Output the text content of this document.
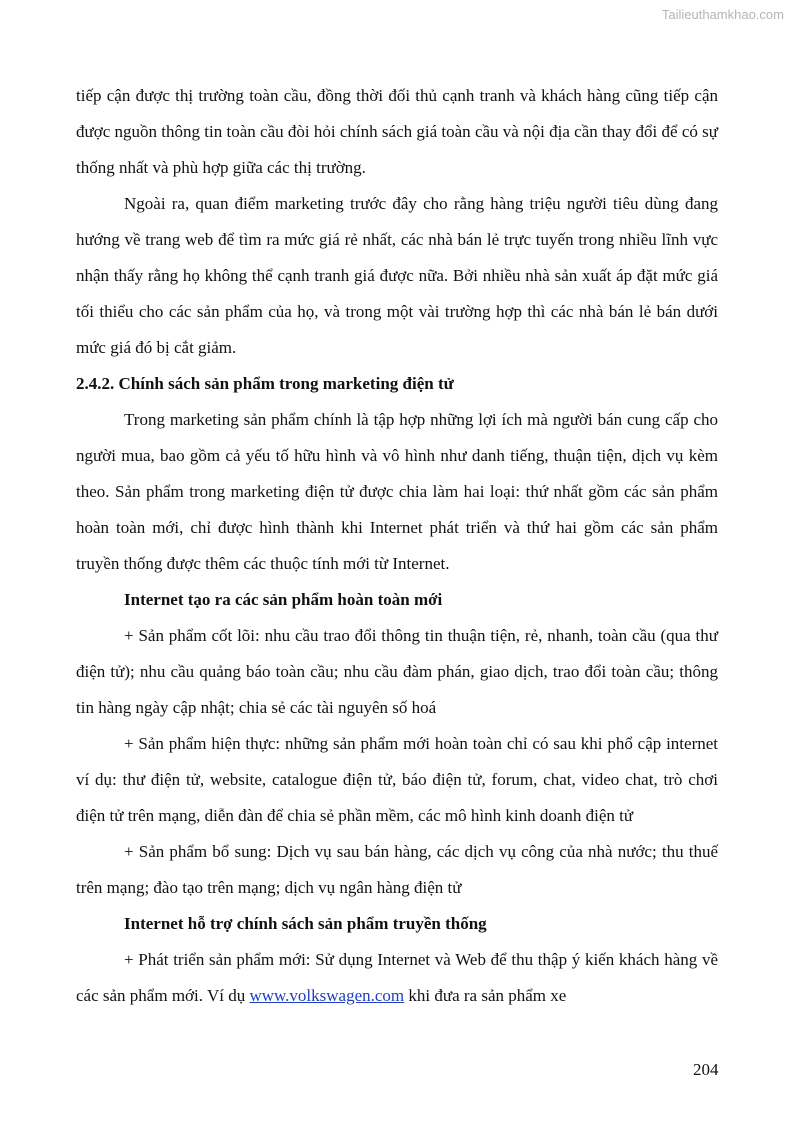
Tailieuthamkhao.com

tiếp cận được thị trường toàn cầu, đồng thời đối thủ cạnh tranh và khách hàng cũng tiếp cận được nguồn thông tin toàn cầu đòi hỏi chính sách giá toàn cầu và nội địa cần thay đổi để có sự thống nhất và phù hợp giữa các thị trường.

Ngoài ra, quan điểm marketing trước đây cho rằng hàng triệu người tiêu dùng đang hướng về trang web để tìm ra mức giá rẻ nhất, các nhà bán lẻ trực tuyến trong nhiều lĩnh vực nhận thấy rằng họ không thể cạnh tranh giá được nữa. Bởi nhiều nhà sản xuất áp đặt mức giá tối thiểu cho các sản phẩm của họ, và trong một vài trường hợp thì các nhà bán lẻ bán dưới mức giá đó bị cắt giảm.

2.4.2. Chính sách sản phẩm trong marketing điện tử

Trong marketing sản phẩm chính là tập hợp những lợi ích mà người bán cung cấp cho người mua, bao gồm cả yếu tố hữu hình và vô hình như danh tiếng, thuận tiện, dịch vụ kèm theo. Sản phẩm trong marketing điện tử được chia làm hai loại: thứ nhất gồm các sản phẩm hoàn toàn mới, chỉ được hình thành khi Internet phát triển và thứ hai gồm các sản phẩm truyền thống được thêm các thuộc tính mới từ Internet.

Internet tạo ra các sản phẩm hoàn toàn mới

+ Sản phẩm cốt lõi: nhu cầu trao đổi thông tin thuận tiện, rẻ, nhanh, toàn cầu (qua thư điện tử); nhu cầu quảng báo toàn cầu; nhu cầu đàm phán, giao dịch, trao đổi toàn cầu; thông tin hàng ngày cập nhật; chia sẻ các tài nguyên số hoá

+ Sản phẩm hiện thực: những sản phẩm mới hoàn toàn chỉ có sau khi phổ cập internet ví dụ: thư điện tử, website, catalogue điện tử, báo điện tử, forum, chat, video chat, trò chơi điện tử trên mạng, diễn đàn để chia sẻ phần mềm, các mô hình kinh doanh điện tử

+ Sản phẩm bổ sung: Dịch vụ sau bán hàng, các dịch vụ công của nhà nước; thu thuế trên mạng; đào tạo trên mạng; dịch vụ ngân hàng điện tử

Internet hỗ trợ chính sách sản phẩm truyền thống

+ Phát triển sản phẩm mới: Sử dụng Internet và Web để thu thập ý kiến khách hàng về các sản phẩm mới. Ví dụ www.volkswagen.com khi đưa ra sản phẩm xe

204
